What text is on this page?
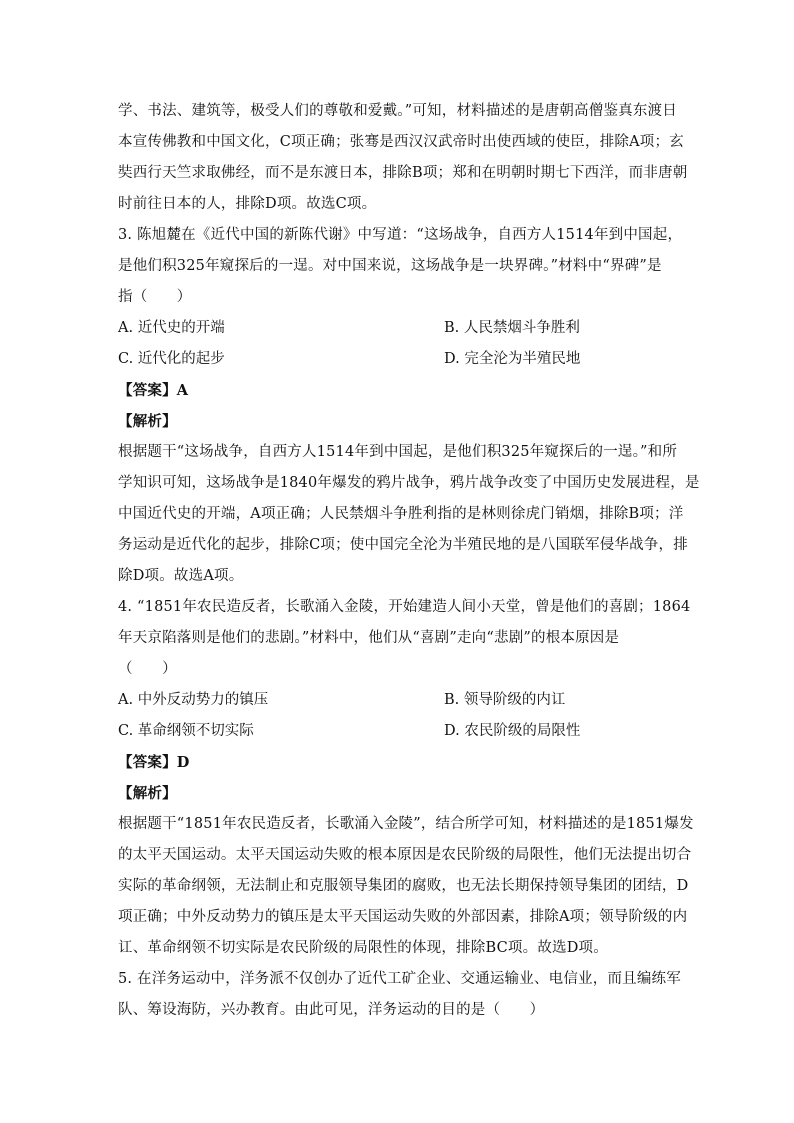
学、书法、建筑等，极受人们的尊敬和爱戴。”可知，材料描述的是唐朝高僧鉴真东渡日
本宣传佛教和中国文化，C项正确；张骞是西汉汉武帝时出使西域的使臣，排除A项；玄
奘西行天竺求取佛经，而不是东渡日本，排除B项；郑和在明朝时期七下西洋，而非唐朝
时前往日本的人，排除D项。故选C项。
3. 陈旭麓在《近代中国的新陈代谢》中写道：“这场战争，自西方人1514年到中国起，
是他们积325年窥探后的一逞。对中国来说，这场战争是一块界碑。”材料中“界碑”是
指（　　）
A. 近代史的开端	B. 人民禁烟斗争胜利
C. 近代化的起步	D. 完全沦为半殖民地
【答案】A
【解析】
根据题干“这场战争，自西方人1514年到中国起，是他们积325年窥探后的一逞。”和所
学知识可知，这场战争是1840年爆发的鸦片战争，鸦片战争改变了中国历史发展进程，是
中国近代史的开端，A项正确；人民禁烟斗争胜利指的是林则徐虎门销烟，排除B项；洋
务运动是近代化的起步，排除C项；使中国完全沦为半殖民地的是八国联军侵华战争，排
除D项。故选A项。
4. “1851年农民造反者，长歌涌入金陵，开始建造人间小天堂，曾是他们的喜剧；1864
年天京陷落则是他们的悲剧。”材料中，他们从“喜剧”走向“悲剧”的根本原因是
（　　）
A. 中外反动势力的镇压	B. 领导阶级的内讧
C. 革命纲领不切实际	D. 农民阶级的局限性
【答案】D
【解析】
根据题干“1851年农民造反者，长歌涌入金陵”，结合所学可知，材料描述的是1851爆发
的太平天国运动。太平天国运动失败的根本原因是农民阶级的局限性，他们无法提出切合
实际的革命纲领，无法制止和克服领导集团的腐败，也无法长期保持领导集团的团结，D
项正确；中外反动势力的镇压是太平天国运动失败的外部因素，排除A项；领导阶级的内
讧、革命纲领不切实际是农民阶级的局限性的体现，排除BC项。故选D项。
5. 在洋务运动中，洋务派不仅创办了近代工矿企业、交通运输业、电信业，而且编练军
队、筹设海防，兴办教育。由此可见，洋务运动的目的是（　　）
